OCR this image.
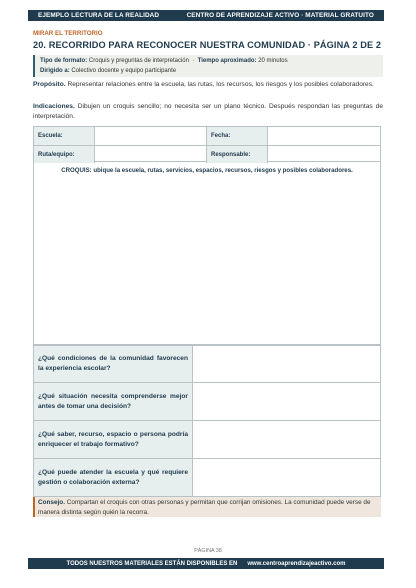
EJEMPLO LECTURA DE LA REALIDAD	CENTRO DE APRENDIZAJE ACTIVO · MATERIAL GRATUITO
MIRAR EL TERRITORIO
20. RECORRIDO PARA RECONOCER NUESTRA COMUNIDAD · PÁGINA 2 DE 2
Tipo de formato: Croquis y preguntas de interpretación  ·  Tiempo aproximado: 20 minutos
Dirigido a: Colectivo docente y equipo participante
Propósito. Representar relaciones entre la escuela, las rutas, los recursos, los riesgos y los posibles colaboradores.
Indicaciones. Dibujen un croquis sencillo; no necesita ser un plano técnico. Después respondan las preguntas de interpretación.
Escuela:	Fecha:
Ruta/equipo:	Responsable:
CROQUIS: ubique la escuela, rutas, servicios, espacios, recursos, riesgos y posibles colaboradores.
¿Qué condiciones de la comunidad favorecen la experiencia escolar?
¿Qué situación necesita comprenderse mejor antes de tomar una decisión?
¿Qué saber, recurso, espacio o persona podría enriquecer el trabajo formativo?
¿Qué puede atender la escuela y qué requiere gestión o colaboración externa?
Consejo. Compartan el croquis con otras personas y permitan que corrijan omisiones. La comunidad puede verse de manera distinta según quién la recorra.
PÁGINA 38
TODOS NUESTROS MATERIALES ESTÁN DISPONIBLES EN www.centroaprendizajeactivo.com
